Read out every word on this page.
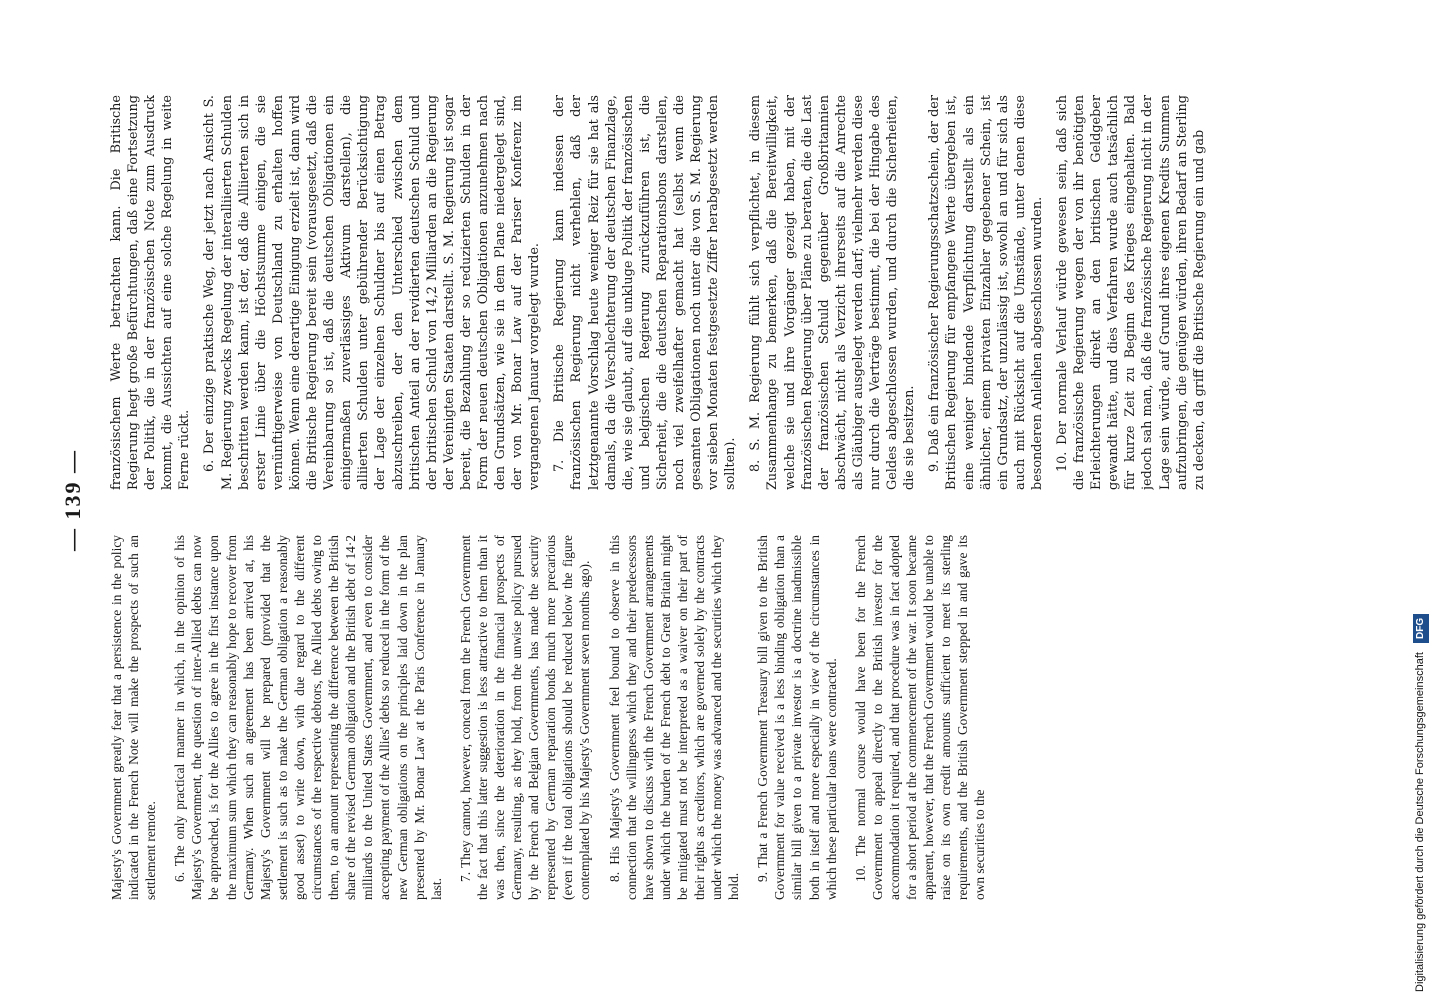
— 139 —

Majesty's Government greatly fear that a persistence in the policy indicated in the French Note will make the prospects of such an settlement remote. 6. The only practical manner in which, in the opinion of his Majesty's Government, the question of inter-Allied debts can now be approached, is for the Allies to agree in the first instance upon the maximum sum which they can reasonably hope to recover from Germany. When such an agreement has been arrived at, his Majesty's Government will be prepared (provided that the settlement is such as to make the German obligation a reasonably good asset) to write down, with due regard to the different circumstances of the respective debtors, the Allied debts owing to them, to an amount representing the difference between the British share of the revised German obligation and the British debt of 14·2 milliards to the United States Government, and even to consider accepting payment of the Allies' debts so reduced in the form of the new German obligations on the principles laid down in the plan presented by Mr. Bonar Law at the Paris Conference in January last.

7. They cannot, however, conceal from the French Government the fact that this latter suggestion is less attractive to them than it was then, since the deterioration in the financial prospects of Germany, resulting, as they hold, from the unwise policy pursued by the French and Belgian Governments, has made the security represented by German reparation bonds much more precarious (even if the total obligations should be reduced below the figure contemplated by his Majesty's Government seven months ago). 8. His Majesty's Government feel bound to observe in this connection that the willingness which they and their predecessors have shown to discuss with the French Government arrangements under which the burden of the French debt to Great Britain might be mitigated must not be interpreted as a waiver on their part of their rights as creditors, which are governed solely by the contracts under which the money was advanced and the securities which they hold.

9. That a French Government Treasury bill given to the British Government for value received is a less binding obligation than a similar bill given to a private investor is a doctrine inadmissible both in itself and more especially in view of the circumstances in which these particular loans were contracted. 10. The normal course would have been for the French Government to appeal directly to the British investor for the accommodation it required, and that procedure was in fact adopted for a short period at the commencement of the war. It soon became apparent, however, that the French Government would be unable to raise on its own credit amounts sufficient to meet its sterling requirements, and the British Government stepped in and gave its own securities to the

französischem Werte betrachten kann. Die Britische Regierung hegt große Befürchtungen, daß eine Fortsetzung der Politik, die in der französischen Note zum Ausdruck kommt, die Aussichten auf eine solche Regelung in weite Ferne rückt. 6. Der einzige praktische Weg, der jetzt nach Ansicht S. M. Regierung zwecks Regelung der interalliierten Schulden beschritten werden kann, ist der, daß die Alliierten sich in erster Linie über die Höchstsumme einigen, die sie vernünftigerweise von Deutschland zu erhalten hoffen können. Wenn eine derartige Einigung erzielt ist, dann wird die Britische Regierung bereit sein (vorausgesetzt, daß die Vereinbarung so ist, daß die deutschen Obligationen ein einigermaßen zuverlässiges Aktivum darstellen), die alliierten Schulden unter gebührender Berücksichtigung der Lage der einzelnen Schuldner bis auf einen Betrag abzuschreiben, der den Unterschied zwischen dem britischen Anteil an der revidierten deutschen Schuld und der britischen Schuld von 14,2 Milliarden an die Regierung der Vereinigten Staaten darstellt. S. M. Regierung ist sogar bereit, die Bezahlung der so reduzierten Schulden in der Form der neuen deutschen Obligationen anzunehmen nach den Grundsätzen, wie sie in dem Plane niedergelegt sind, der von Mr. Bonar Law auf der Pariser Konferenz im vergangenen Januar vorgelegt wurde. 7. Die Britische Regierung kann indessen der französischen Regierung nicht verhehlen, daß der letztgenannte Vorschlag heute weniger Reiz für sie hat als damals, da die Verschlechterung der deutschen Finanzlage, die, wie sie glaubt, auf die unkluge Politik der französischen und belgischen Regierung zurückzuführen ist, die Sicherheit, die die deutschen Reparationsbons darstellen, noch viel zweifelhafter gemacht hat (selbst wenn die gesamten Obligationen noch unter die von S. M. Regierung vor sieben Monaten festgesetzte Ziffer herabgesetzt werden sollten). 8. S. M. Regierung fühlt sich verpflichtet, in diesem Zusammenhange zu bemerken, daß die Bereitwilligkeit, welche sie und ihre Vorgänger gezeigt haben, mit der französischen Regierung über Pläne zu beraten, die die Last der französischen Schuld gegenüber Großbritannien abschwächt, nicht als Verzicht ihrerseits auf die Anrechte als Gläubiger ausgelegt werden darf; vielmehr werden diese nur durch die Verträge bestimmt, die bei der Hingabe des Geldes abgeschlossen wurden, und durch die Sicherheiten, die sie besitzen. 9. Daß ein französischer Regierungsschatzschein, der der Britischen Regierung für empfangene Werte übergeben ist, eine weniger bindende Verpflichtung darstellt als ein ähnlicher, einem privaten Einzahler gegebener Schein, ist ein Grundsatz, der unzulässig ist, sowohl an und für sich als auch mit Rücksicht auf die Umstände, unter denen diese besonderen Anleihen abgeschlossen wurden. 10. Der normale Verlauf würde gewesen sein, daß sich die französische Regierung wegen der von ihr benötigten Erleichterungen direkt an den britischen Geldgeber gewandt hätte, und dies Verfahren wurde auch tatsächlich für kurze Zeit zu Beginn des Krieges eingehalten. Bald jedoch sah man, daß die französische Regierung nicht in der Lage sein würde, auf Grund ihres eigenen Kredits Summen aufzubringen, die genügen würden, ihren Bedarf an Sterling zu decken, da griff die Britische Regierung ein und gab

Digitalisierung gefördert durch die Deutsche Forschungsgemeinschaft DFG
